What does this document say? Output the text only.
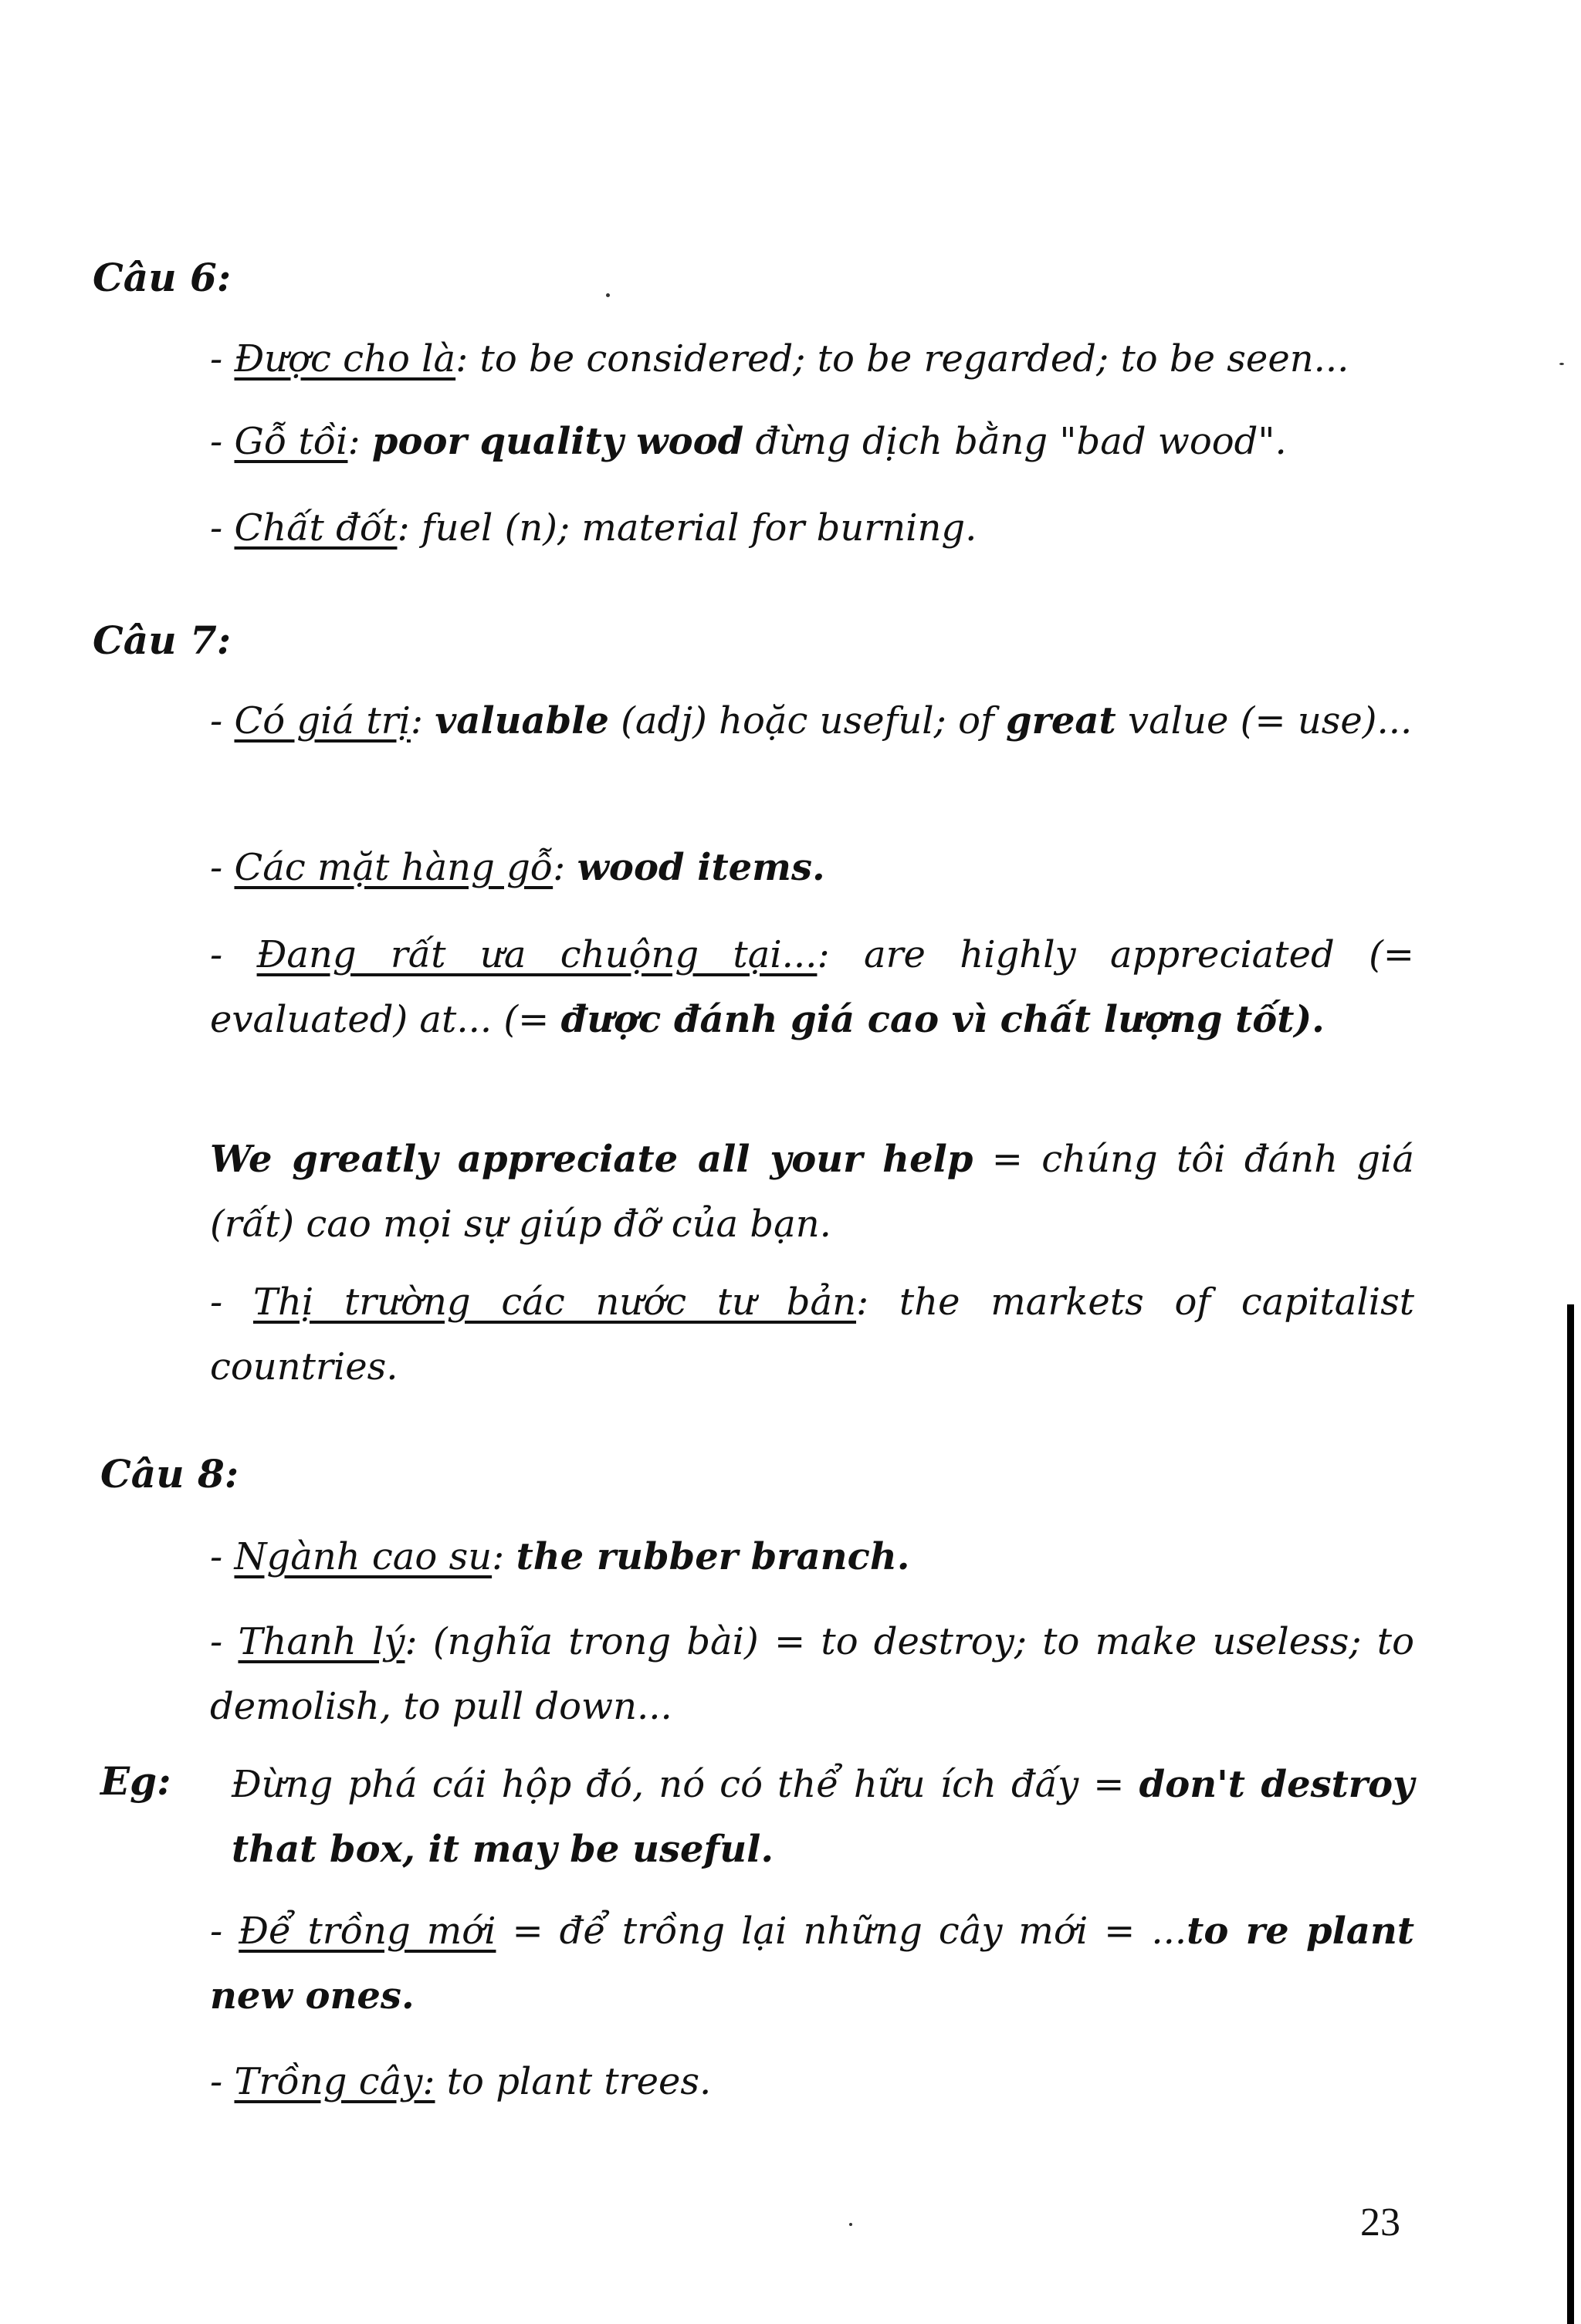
Câu 6:

- Được cho là: to be considered; to be regarded; to be seen...

- Gỗ tồi: poor quality wood đừng dịch bằng "bad wood".

- Chất đốt: fuel (n); material for burning.

Câu 7:

- Có giá trị: valuable (adj) hoặc useful; of great value (= use)...

- Các mặt hàng gỗ: wood items.

- Đang rất ưa chuộng tại...: are highly appreciated (= evaluated) at... (= được đánh giá cao vì chất lượng tốt).

We greatly appreciate all your help = chúng tôi đánh giá (rất) cao mọi sự giúp đỡ của bạn.

- Thị trường các nước tư bản: the markets of capitalist countries.

Câu 8:

- Ngành cao su: the rubber branch.

- Thanh lý: (nghĩa trong bài) = to destroy; to make useless; to demolish, to pull down...

Eg: Đừng phá cái hộp đó, nó có thể hữu ích đấy = don't destroy that box, it may be useful.

- Để trồng mới = để trồng lại những cây mới = ...to re plant new ones.

- Trồng cây: to plant trees.

23
